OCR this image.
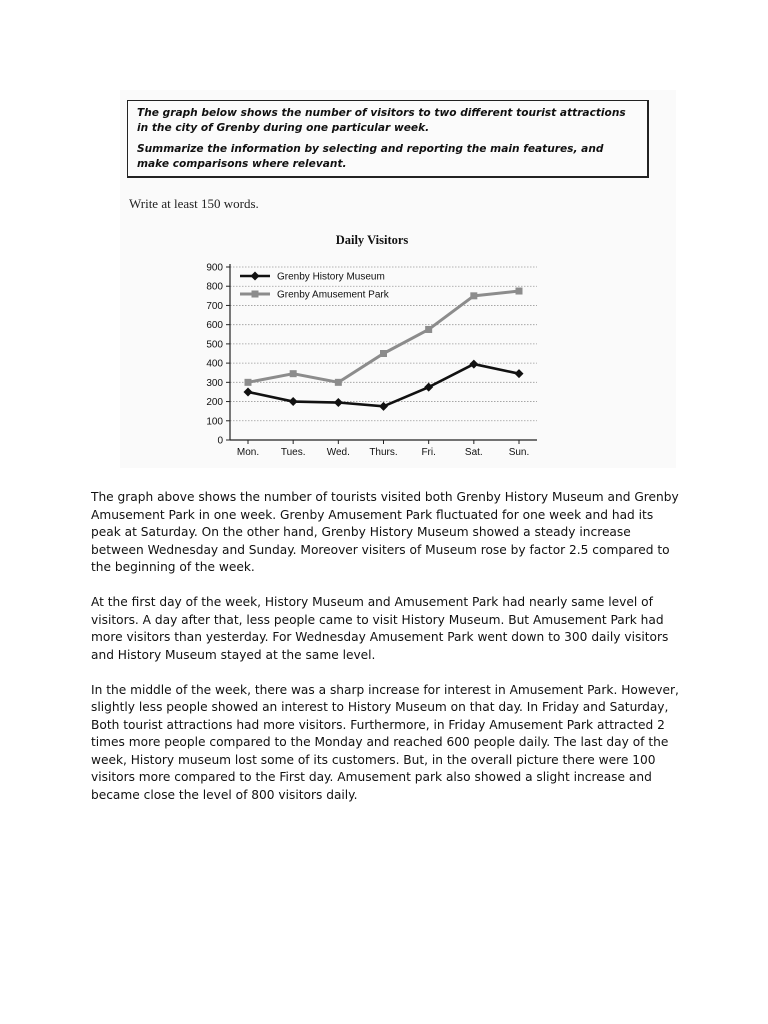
The graph below shows the number of visitors to two different tourist attractions in the city of Grenby during one particular week.

Summarize the information by selecting and reporting the main features, and make comparisons where relevant.

Write at least 150 words.
Daily Visitors
0
100
200
300
400
500
600
700
800
900
Mon. Tues. Wed. Thurs. Fri.	Sat.	Sun.
Grenby History Museum
Grenby Amusement Park

The graph above shows the number of tourists visited both Grenby History Museum and Grenby Amusement Park in one week. Grenby Amusement Park fluctuated for one week and had its peak at Saturday. On the other hand, Grenby History Museum showed a steady increase between Wednesday and Sunday. Moreover visiters of Museum rose by factor 2.5 compared to the beginning of the week.

At the first day of the week, History Museum and Amusement Park had nearly same level of visitors. A day after that, less people came to visit History Museum. But Amusement Park had more visitors than yesterday. For Wednesday Amusement Park went down to 300 daily visitors and History Museum stayed at the same level.

In the middle of the week, there was a sharp increase for interest in Amusement Park. However, slightly less people showed an interest to History Museum on that day. In Friday and Saturday, Both tourist attractions had more visitors. Furthermore, in Friday Amusement Park attracted 2 times more people compared to the Monday and reached 600 people daily. The last day of the week, History museum lost some of its customers. But, in the overall picture there were 100 visitors more compared to the First day. Amusement park also showed a slight increase and became close the level of 800 visitors daily.
